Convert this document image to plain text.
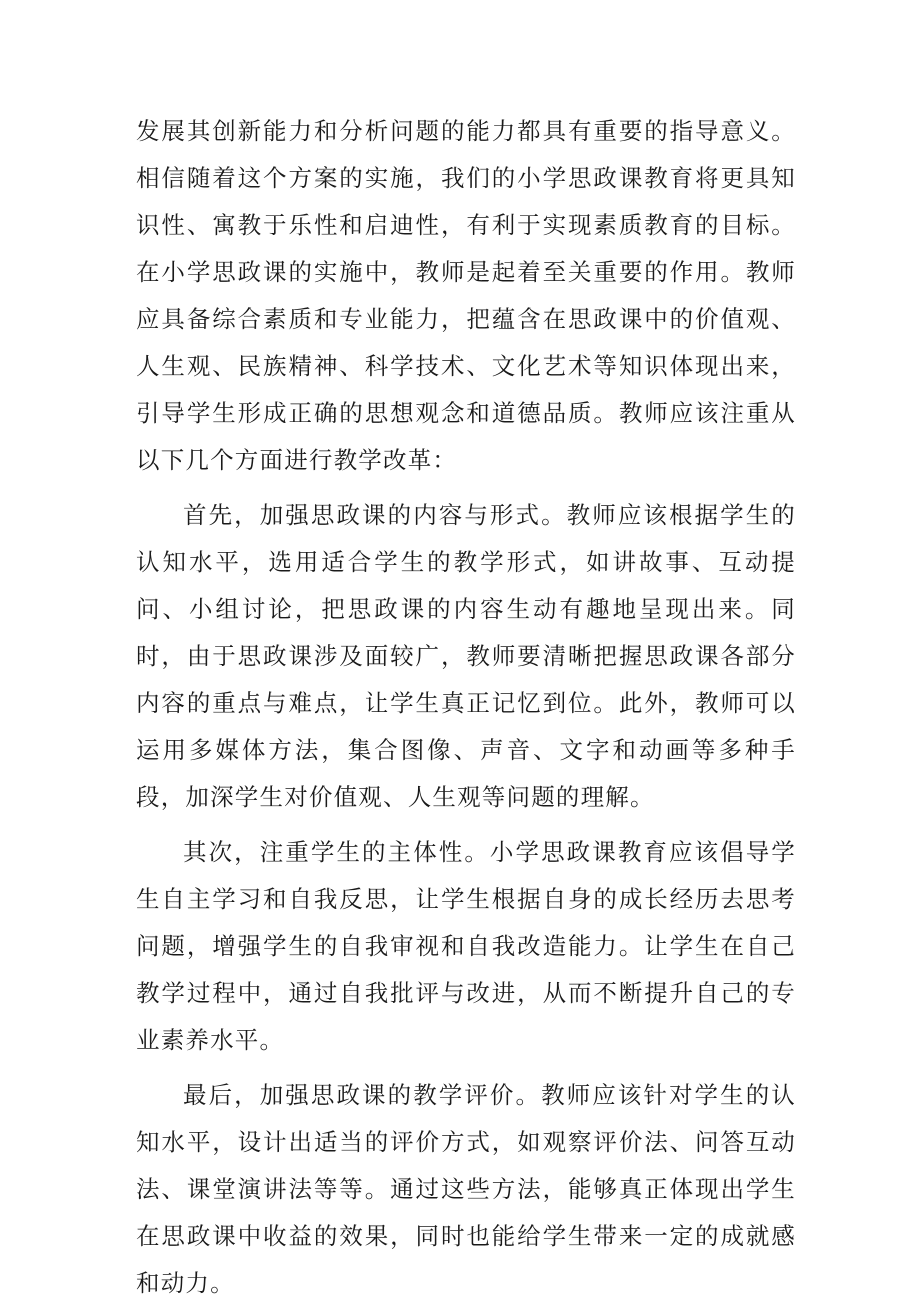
发展其创新能力和分析问题的能力都具有重要的指导意义。相信随着这个方案的实施，我们的小学思政课教育将更具知识性、寓教于乐性和启迪性，有利于实现素质教育的目标。在小学思政课的实施中，教师是起着至关重要的作用。教师应具备综合素质和专业能力，把蕴含在思政课中的价值观、人生观、民族精神、科学技术、文化艺术等知识体现出来，引导学生形成正确的思想观念和道德品质。教师应该注重从以下几个方面进行教学改革：

首先，加强思政课的内容与形式。教师应该根据学生的认知水平，选用适合学生的教学形式，如讲故事、互动提问、小组讨论，把思政课的内容生动有趣地呈现出来。同时，由于思政课涉及面较广，教师要清晰把握思政课各部分内容的重点与难点，让学生真正记忆到位。此外，教师可以运用多媒体方法，集合图像、声音、文字和动画等多种手段，加深学生对价值观、人生观等问题的理解。

其次，注重学生的主体性。小学思政课教育应该倡导学生自主学习和自我反思，让学生根据自身的成长经历去思考问题，增强学生的自我审视和自我改造能力。让学生在自己教学过程中，通过自我批评与改进，从而不断提升自己的专业素养水平。

最后，加强思政课的教学评价。教师应该针对学生的认知水平，设计出适当的评价方式，如观察评价法、问答互动法、课堂演讲法等等。通过这些方法，能够真正体现出学生在思政课中收益的效果，同时也能给学生带来一定的成就感和动力。
